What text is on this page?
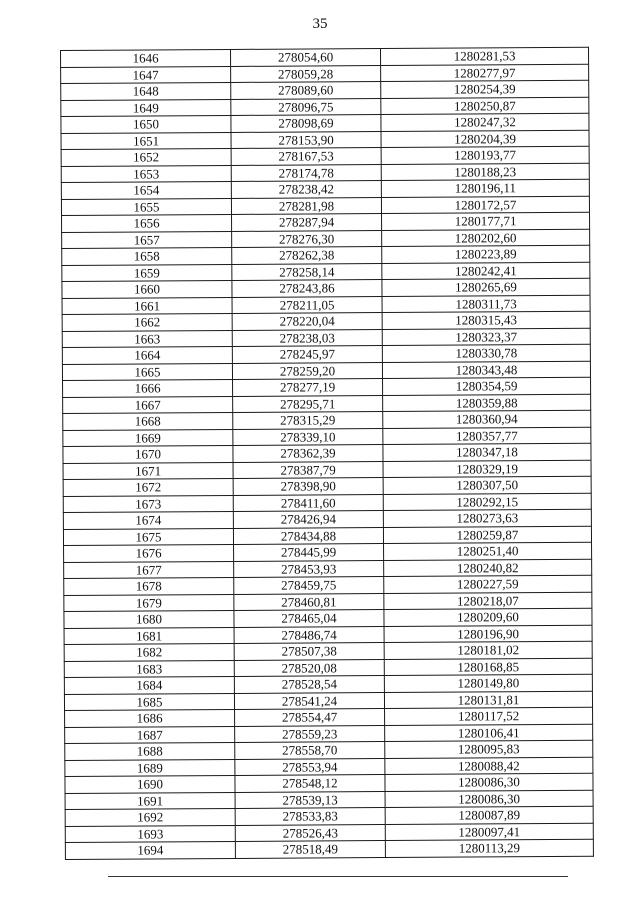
35
1646	278054,60	1280281,53
1647	278059,28	1280277,97
1648	278089,60	1280254,39
1649	278096,75	1280250,87
1650	278098,69	1280247,32
1651	278153,90	1280204,39
1652	278167,53	1280193,77
1653	278174,78	1280188,23
1654	278238,42	1280196,11
1655	278281,98	1280172,57
1656	278287,94	1280177,71
1657	278276,30	1280202,60
1658	278262,38	1280223,89
1659	278258,14	1280242,41
1660	278243,86	1280265,69
1661	278211,05	1280311,73
1662	278220,04	1280315,43
1663	278238,03	1280323,37
1664	278245,97	1280330,78
1665	278259,20	1280343,48
1666	278277,19	1280354,59
1667	278295,71	1280359,88
1668	278315,29	1280360,94
1669	278339,10	1280357,77
1670	278362,39	1280347,18
1671	278387,79	1280329,19
1672	278398,90	1280307,50
1673	278411,60	1280292,15
1674	278426,94	1280273,63
1675	278434,88	1280259,87
1676	278445,99	1280251,40
1677	278453,93	1280240,82
1678	278459,75	1280227,59
1679	278460,81	1280218,07
1680	278465,04	1280209,60
1681	278486,74	1280196,90
1682	278507,38	1280181,02
1683	278520,08	1280168,85
1684	278528,54	1280149,80
1685	278541,24	1280131,81
1686	278554,47	1280117,52
1687	278559,23	1280106,41
1688	278558,70	1280095,83
1689	278553,94	1280088,42
1690	278548,12	1280086,30
1691	278539,13	1280086,30
1692	278533,83	1280087,89
1693	278526,43	1280097,41
1694	278518,49	1280113,29
